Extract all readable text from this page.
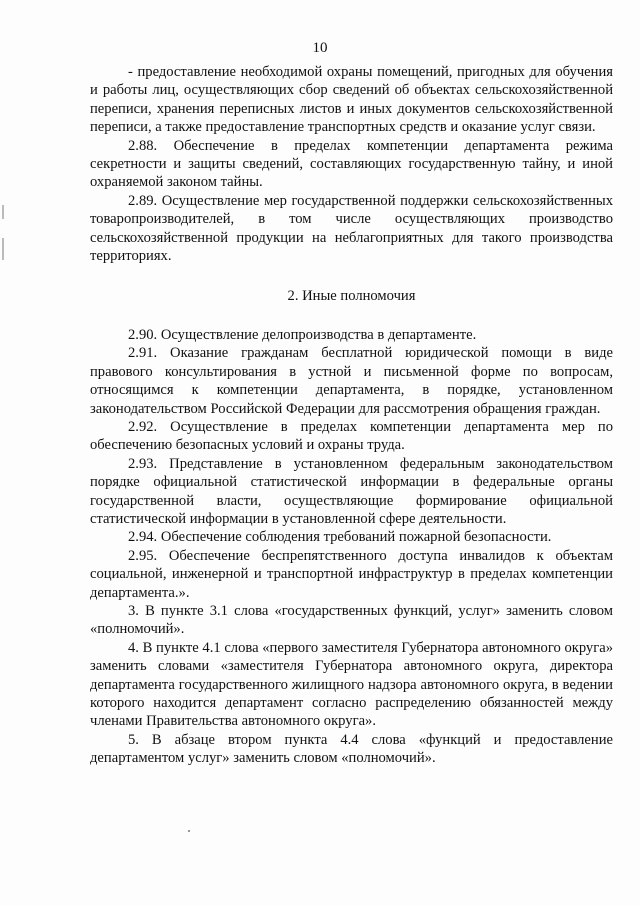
10

- предоставление необходимой охраны помещений, пригодных для обучения и работы лиц, осуществляющих сбор сведений об объектах сельскохозяйственной переписи, хранения переписных листов и иных документов сельскохозяйственной переписи, а также предоставление транспортных средств и оказание услуг связи.

2.88. Обеспечение в пределах компетенции департамента режима секретности и защиты сведений, составляющих государственную тайну, и иной охраняемой законом тайны.

2.89. Осуществление мер государственной поддержки сельскохозяйственных товаропроизводителей, в том числе осуществляющих производство сельскохозяйственной продукции на неблагоприятных для такого производства территориях.

2. Иные полномочия

2.90. Осуществление делопроизводства в департаменте.

2.91. Оказание гражданам бесплатной юридической помощи в виде правового консультирования в устной и письменной форме по вопросам, относящимся к компетенции департамента, в порядке, установленном законодательством Российской Федерации для рассмотрения обращения граждан.

2.92. Осуществление в пределах компетенции департамента мер по обеспечению безопасных условий и охраны труда.

2.93. Представление в установленном федеральным законодательством порядке официальной статистической информации в федеральные органы государственной власти, осуществляющие формирование официальной статистической информации в установленной сфере деятельности.

2.94. Обеспечение соблюдения требований пожарной безопасности.

2.95. Обеспечение беспрепятственного доступа инвалидов к объектам социальной, инженерной и транспортной инфраструктур в пределах компетенции департамента.».

3. В пункте 3.1 слова «государственных функций, услуг» заменить словом «полномочий».

4. В пункте 4.1 слова «первого заместителя Губернатора автономного округа» заменить словами «заместителя Губернатора автономного округа, директора департамента государственного жилищного надзора автономного округа, в ведении которого находится департамент согласно распределению обязанностей между членами Правительства автономного округа».

5. В абзаце втором пункта 4.4 слова «функций и предоставление департаментом услуг» заменить словом «полномочий».
